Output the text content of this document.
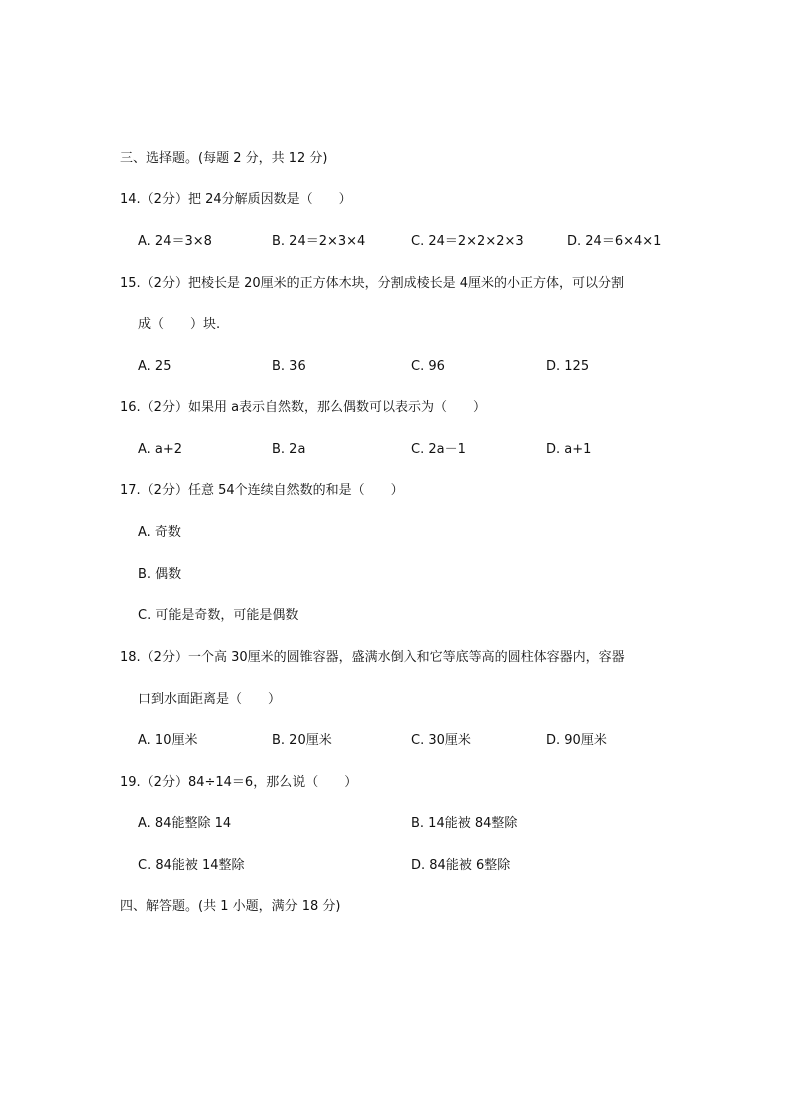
三、选择题。(每题 2 分，共 12 分)
14.（2分）把 24分解质因数是（　　）
A. 24＝3×8	B. 24＝2×3×4	C. 24＝2×2×2×3	D. 24＝6×4×1
15.（2分）把棱长是 20厘米的正方体木块，分割成棱长是 4厘米的小正方体，可以分割
成（　　）块.
A. 25	B. 36	C. 96	D. 125
16.（2分）如果用 a表示自然数，那么偶数可以表示为（　　）
A. a+2	B. 2a	C. 2a－1	D. a+1
17.（2分）任意 54个连续自然数的和是（　　）
A. 奇数
B. 偶数
C. 可能是奇数，可能是偶数
18.（2分）一个高 30厘米的圆锥容器，盛满水倒入和它等底等高的圆柱体容器内，容器
口到水面距离是（　　）
A. 10厘米	B. 20厘米	C. 30厘米	D. 90厘米
19.（2分）84÷14＝6，那么说（　　）
A. 84能整除 14	B. 14能被 84整除
C. 84能被 14整除	D. 84能被 6整除
四、解答题。(共 1 小题，满分 18 分)
